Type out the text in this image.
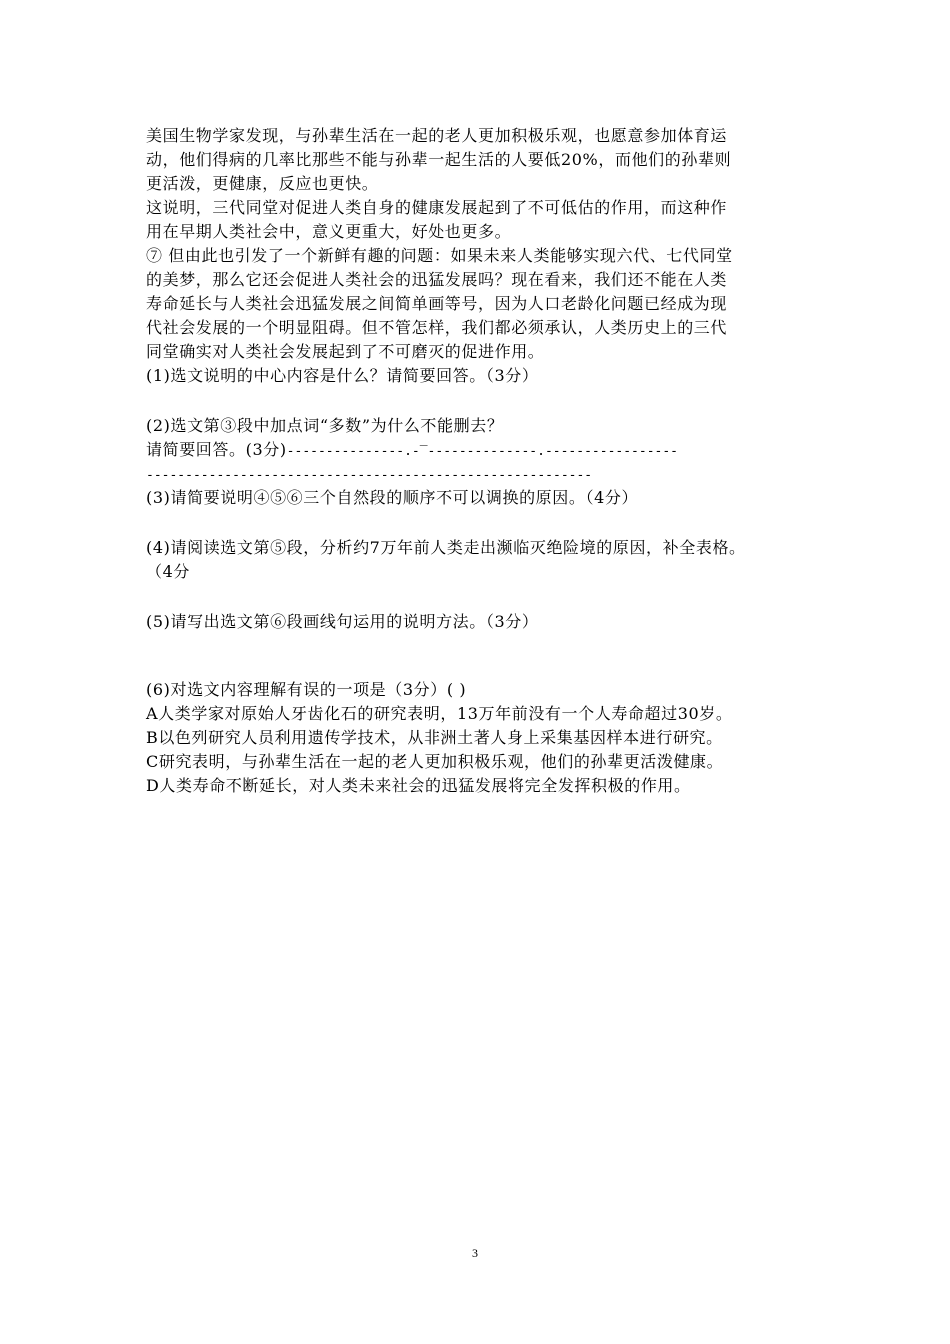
美国生物学家发现，与孙辈生活在一起的老人更加积极乐观，也愿意参加体育运
动，他们得病的几率比那些不能与孙辈一起生活的人要低20%，而他们的孙辈则
更活泼，更健康，反应也更快。
这说明，三代同堂对促进人类自身的健康发展起到了不可低估的作用，而这种作
用在早期人类社会中，意义更重大，好处也更多。
⑦ 但由此也引发了一个新鲜有趣的问题：如果未来人类能够实现六代、七代同堂
的美梦，那么它还会促进人类社会的迅猛发展吗？现在看来，我们还不能在人类
寿命延长与人类社会迅猛发展之间简单画等号，因为人口老龄化问题已经成为现
代社会发展的一个明显阻碍。但不管怎样，我们都必须承认，人类历史上的三代
同堂确实对人类社会发展起到了不可磨灭的促进作用。
(1)选文说明的中心内容是什么？请简要回答。（3分）
(2)选文第③段中加点词“多数”为什么不能删去？
请简要回答。(3分)---------------.-‾--------------.-----------------
---------------------------------------------------------
(3)请简要说明④⑤⑥三个自然段的顺序不可以调换的原因。（4分）
(4)请阅读选文第⑤段，分析约7万年前人类走出濒临灭绝险境的原因，补全表格。
（4分
(5)请写出选文第⑥段画线句运用的说明方法。（3分）
(6)对选文内容理解有误的一项是（3分）( )
A人类学家对原始人牙齿化石的研究表明，13万年前没有一个人寿命超过30岁。
B以色列研究人员利用遗传学技术，从非洲土著人身上采集基因样本进行研究。
C研究表明，与孙辈生活在一起的老人更加积极乐观，他们的孙辈更活泼健康。
D人类寿命不断延长，对人类未来社会的迅猛发展将完全发挥积极的作用。
3
